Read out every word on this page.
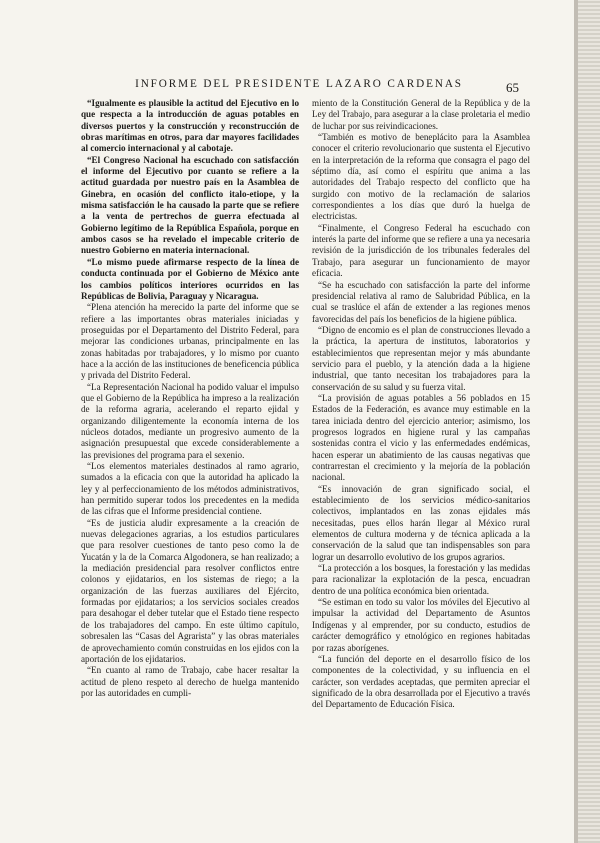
INFORME DEL PRESIDENTE LAZARO CARDENAS	65

“Igualmente es plausible la actitud del Ejecutivo en lo que respecta a la introducción de aguas potables en diversos puertos y la construcción y reconstrucción de obras marítimas en otros, para dar mayores facilidades al comercio internacional y al cabotaje.

“El Congreso Nacional ha escuchado con satisfacción el informe del Ejecutivo por cuanto se refiere a la actitud guardada por nuestro país en la Asamblea de Ginebra, en ocasión del conflicto italo-etiope, y la misma satisfacción le ha causado la parte que se refiere a la venta de pertrechos de guerra efectuada al Gobierno legítimo de la República Española, porque en ambos casos se ha revelado el impecable criterio de nuestro Gobierno en materia internacional.

“Lo mismo puede afirmarse respecto de la línea de conducta continuada por el Gobierno de México ante los cambios políticos interiores ocurridos en las Repúblicas de Bolivia, Paraguay y Nicaragua.

“Plena atención ha merecido la parte del informe que se refiere a las importantes obras materiales iniciadas y proseguidas por el Departamento del Distrito Federal, para mejorar las condiciones urbanas, principalmente en las zonas habitadas por trabajadores, y lo mismo por cuanto hace a la acción de las instituciones de beneficencia pública y privada del Distrito Federal.

“La Representación Nacional ha podido valuar el impulso que el Gobierno de la República ha impreso a la realización de la reforma agraria, acelerando el reparto ejidal y organizando diligentemente la economía interna de los núcleos dotados, mediante un progresivo aumento de la asignación presupuestal que excede considerablemente a las previsiones del programa para el sexenio.

“Los elementos materiales destinados al ramo agrario, sumados a la eficacia con que la autoridad ha aplicado la ley y al perfeccionamiento de los métodos administrativos, han permitido superar todos los precedentes en la medida de las cifras que el Informe presidencial contiene.

“Es de justicia aludir expresamente a la creación de nuevas delegaciones agrarias, a los estudios particulares que para resolver cuestiones de tanto peso como la de Yucatán y la de la Comarca Algodonera, se han realizado; a la mediación presidencial para resolver conflictos entre colonos y ejidatarios, en los sistemas de riego; a la organización de las fuerzas auxiliares del Ejército, formadas por ejidatarios; a los servicios sociales creados para desahogar el deber tutelar que el Estado tiene respecto de los trabajadores del campo. En este último capítulo, sobresalen las “Casas del Agrarista” y las obras materiales de aprovechamiento común construidas en los ejidos con la aportación de los ejidatarios.

“En cuanto al ramo de Trabajo, cabe hacer resaltar la actitud de pleno respeto al derecho de huelga mantenido por las autoridades en cumpli-

miento de la Constitución General de la República y de la Ley del Trabajo, para asegurar a la clase proletaria el medio de luchar por sus reivindicaciones.

“También es motivo de beneplácito para la Asamblea conocer el criterio revolucionario que sustenta el Ejecutivo en la interpretación de la reforma que consagra el pago del séptimo día, así como el espíritu que anima a las autoridades del Trabajo respecto del conflicto que ha surgido con motivo de la reclamación de salarios correspondientes a los días que duró la huelga de electricistas.

“Finalmente, el Congreso Federal ha escuchado con interés la parte del informe que se refiere a una ya necesaria revisión de la jurisdicción de los tribunales federales del Trabajo, para asegurar un funcionamiento de mayor eficacia.

“Se ha escuchado con satisfacción la parte del informe presidencial relativa al ramo de Salubridad Pública, en la cual se traslúce el afán de extender a las regiones menos favorecidas del país los beneficios de la higiene pública.

“Digno de encomio es el plan de construcciones llevado a la práctica, la apertura de institutos, laboratorios y establecimientos que representan mejor y más abundante servicio para el pueblo, y la atención dada a la higiene industrial, que tanto necesitan los trabajadores para la conservación de su salud y su fuerza vital.

“La provisión de aguas potables a 56 poblados en 15 Estados de la Federación, es avance muy estimable en la tarea iniciada dentro del ejercicio anterior; asimismo, los progresos logrados en higiene rural y las campañas sostenidas contra el vicio y las enfermedades endémicas, hacen esperar un abatimiento de las causas negativas que contrarrestan el crecimiento y la mejoría de la población nacional.

“Es innovación de gran significado social, el establecimiento de los servicios médico-sanitarios colectivos, implantados en las zonas ejidales más necesitadas, pues ellos harán llegar al México rural elementos de cultura moderna y de técnica aplicada a la conservación de la salud que tan indispensables son para lograr un desarrollo evolutivo de los grupos agrarios.

“La protección a los bosques, la forestación y las medidas para racionalizar la explotación de la pesca, encuadran dentro de una política económica bien orientada.

“Se estiman en todo su valor los móviles del Ejecutivo al impulsar la actividad del Departamento de Asuntos Indígenas y al emprender, por su conducto, estudios de carácter demográfico y etnológico en regiones habitadas por razas aborígenes.

“La función del deporte en el desarrollo físico de los componentes de la colectividad, y su influencia en el carácter, son verdades aceptadas, que permiten apreciar el significado de la obra desarrollada por el Ejecutivo a través del Departamento de Educación Física.
